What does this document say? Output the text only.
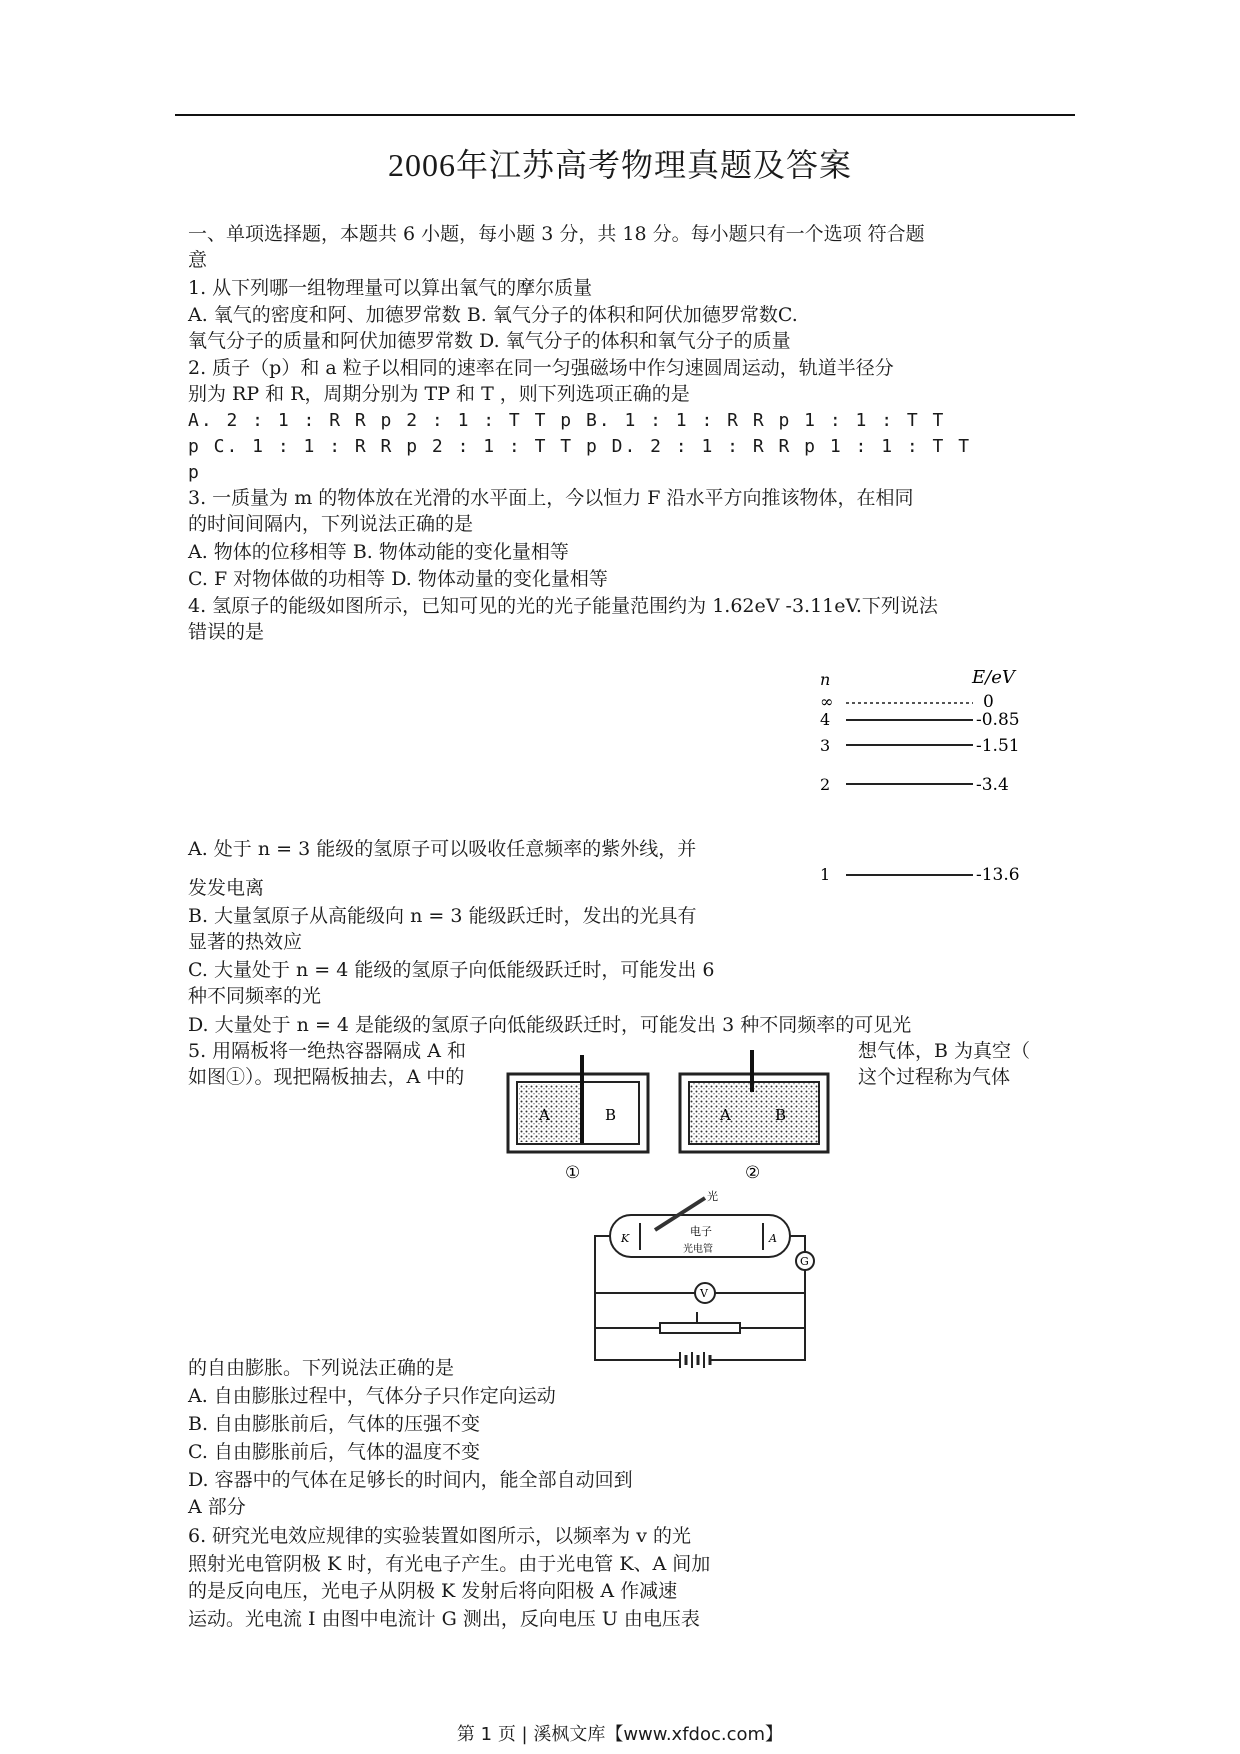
2006年江苏高考物理真题及答案
一、单项选择题，本题共 6 小题，每小题 3 分，共 18 分。每小题只有一个选项 符合题
意
1. 从下列哪一组物理量可以算出氧气的摩尔质量
A. 氧气的密度和阿、加德罗常数 B. 氧气分子的体积和阿伏加德罗常数C.
氧气分子的质量和阿伏加德罗常数 D. 氧气分子的体积和氧气分子的质量
2. 质子（p）和 a 粒子以相同的速率在同一匀强磁场中作匀速圆周运动，轨道半径分
别为 RP 和 R，周期分别为 TP 和 T ，则下列选项正确的是
A. 2 : 1 : R R p 2 : 1 : T T p B. 1 : 1 : R R p 1 : 1 : T T
p C. 1 : 1 : R R p 2 : 1 : T T p D. 2 : 1 : R R p 1 : 1 : T T
p
3. 一质量为 m 的物体放在光滑的水平面上，今以恒力 F 沿水平方向推该物体，在相同
的时间间隔内，下列说法正确的是
A. 物体的位移相等 B. 物体动能的变化量相等
C. F 对物体做的功相等 D. 物体动量的变化量相等
4. 氢原子的能级如图所示，已知可见的光的光子能量范围约为 1.62eV -3.11eV.下列说法
错误的是
A. 处于 n = 3 能级的氢原子可以吸收任意频率的紫外线，并
发发电离
B. 大量氢原子从高能级向 n = 3 能级跃迁时，发出的光具有
显著的热效应
C. 大量处于 n = 4 能级的氢原子向低能级跃迁时，可能发出 6
种不同频率的光
D. 大量处于 n = 4 是能级的氢原子向低能级跃迁时，可能发出 3 种不同频率的可见光
5. 用隔板将一绝热容器隔成 A 和
如图①）。现把隔板抽去，A 中的
想气体，B 为真空（
这个过程称为气体
的自由膨胀。下列说法正确的是
A. 自由膨胀过程中，气体分子只作定向运动
B. 自由膨胀前后，气体的压强不变
C. 自由膨胀前后，气体的温度不变
D. 容器中的气体在足够长的时间内，能全部自动回到
A 部分
6. 研究光电效应规律的实验装置如图所示，以频率为 v 的光
照射光电管阴极 K 时，有光电子产生。由于光电管 K、A 间加
的是反向电压，光电子从阴极 K 发射后将向阳极 A 作减速
运动。光电流 I 由图中电流计 G 测出，反向电压 U 由电压表
n	E/eV
∞	0
4	-0.85
3	-1.51
2	-3.4
1	-13.6
A	B
①
A	B
②
光
电子
K	A
光电管
G
V
第 1 页 | 溪枫文库【www.xfdoc.com】
